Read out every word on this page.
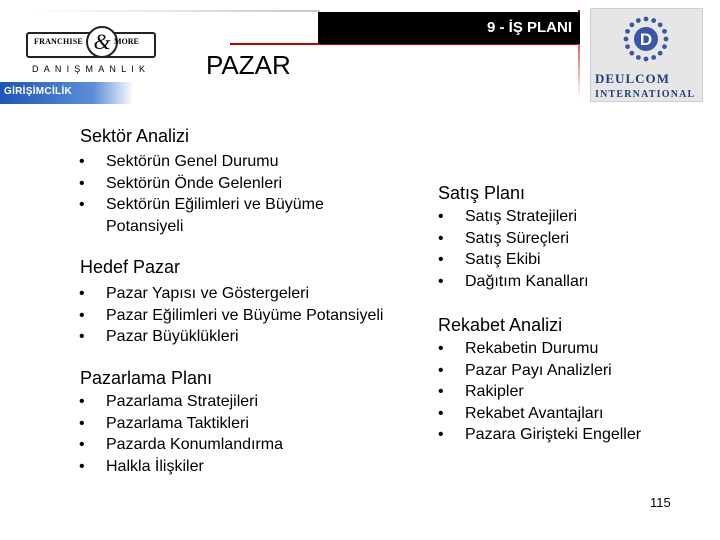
9 - İŞ PLANI
FRANCHISE & MORE
DANIŞMANLIK PAZAR
GİRİŞİMCİLİK
D
DEULCOM
INTERNATIONAL
Sektör Analizi
• Sektörün Genel Durumu
• Sektörün Önde Gelenleri
• Sektörün Eğilimleri ve Büyüme Potansiyeli
Hedef Pazar
• Pazar Yapısı ve Göstergeleri
• Pazar Eğilimleri ve Büyüme Potansiyeli
• Pazar Büyüklükleri
Pazarlama Planı
• Pazarlama Stratejileri
• Pazarlama Taktikleri
• Pazarda Konumlandırma
• Halkla İlişkiler
Satış Planı
• Satış Stratejileri
• Satış Süreçleri
• Satış Ekibi
• Dağıtım Kanalları
Rekabet Analizi
• Rekabetin Durumu
• Pazar Payı Analizleri
• Rakipler
• Rekabet Avantajları
• Pazara Girişteki Engeller
115
